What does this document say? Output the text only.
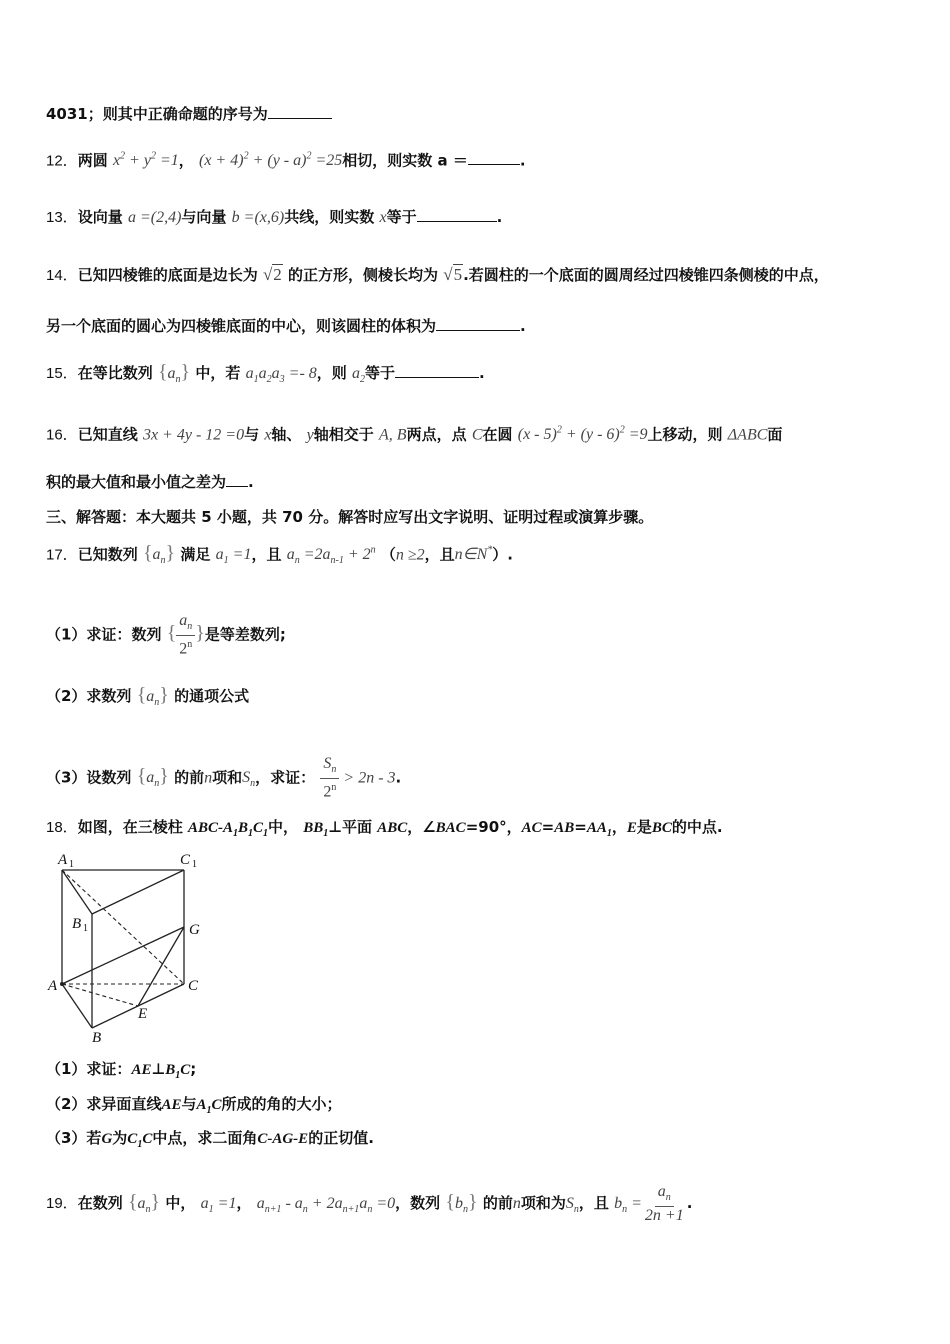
4031；则其中正确命题的序号为
12．两圆 $x^2 + y^2 =1$， $(x + 4)^2 + (y - a)^2 =25$相切，则实数 a ＝	.
13．设向量 a =(2,4)与向量 b =(x,6)共线，则实数 x等于	.
14．已知四棱锥的底面是边长为 √2 的正方形，侧棱长均为 √5.若圆柱的一个底面的圆周经过四棱锥四条侧棱的中点，
另一个底面的圆心为四棱锥底面的中心，则该圆柱的体积为	.
15．在等比数列 $\{a_n\}$ 中，若 $a_1a_2a_3 =- 8$，则 $a_2$等于	.
16．已知直线 3x + 4y - 12 =0与 x轴、 y轴相交于 A, B两点，点 C在圆 (x - 5)$^2$ + (y - 6)$^2$ =9上移动，则 ΔABC面
积的最大值和最小值之差为 .
三、解答题：本大题共 5 小题，共 70 分。解答时应写出文字说明、证明过程或演算步骤。
17．已知数列 $\{a_n\}$ 满足 $a_1 =1$，且 $a_n =2a_{n-1} + 2^n$ （n ≥2，且n∈N*）.
（1）求证：数列 { $\frac{a_n}{2^n}$ }是等差数列;
（2）求数列 $\{a_n\}$ 的通项公式
（3）设数列 $\{a_n\}$ 的前n项和$S_n$，求证： $\frac{S_n}{2^n} > 2n - 3$.
18．如图，在三棱柱 ABC-$A_1B_1C_1$中， $BB_1\perp$平面 ABC，∠BAC=90°，$AC=AB=AA_1$，E是BC的中点.
A 1	C 1
B 1	G
A	C
E
B
（1）求证：$AE\perp B_1C$;
（2）求异面直线AE与$A_1C$所成的角的大小；
（3）若G为$C_1C$中点，求二面角C-AG-E的正切值.
19．在数列 $\{a_n\}$ 中， $a_1 =1$， $a_{n+1} - a_n + 2a_{n+1}a_n =0$，数列 $\{b_n\}$ 的前n项和为$S_n$，且 $b_n = \frac{a_n}{2n +1}$ .
